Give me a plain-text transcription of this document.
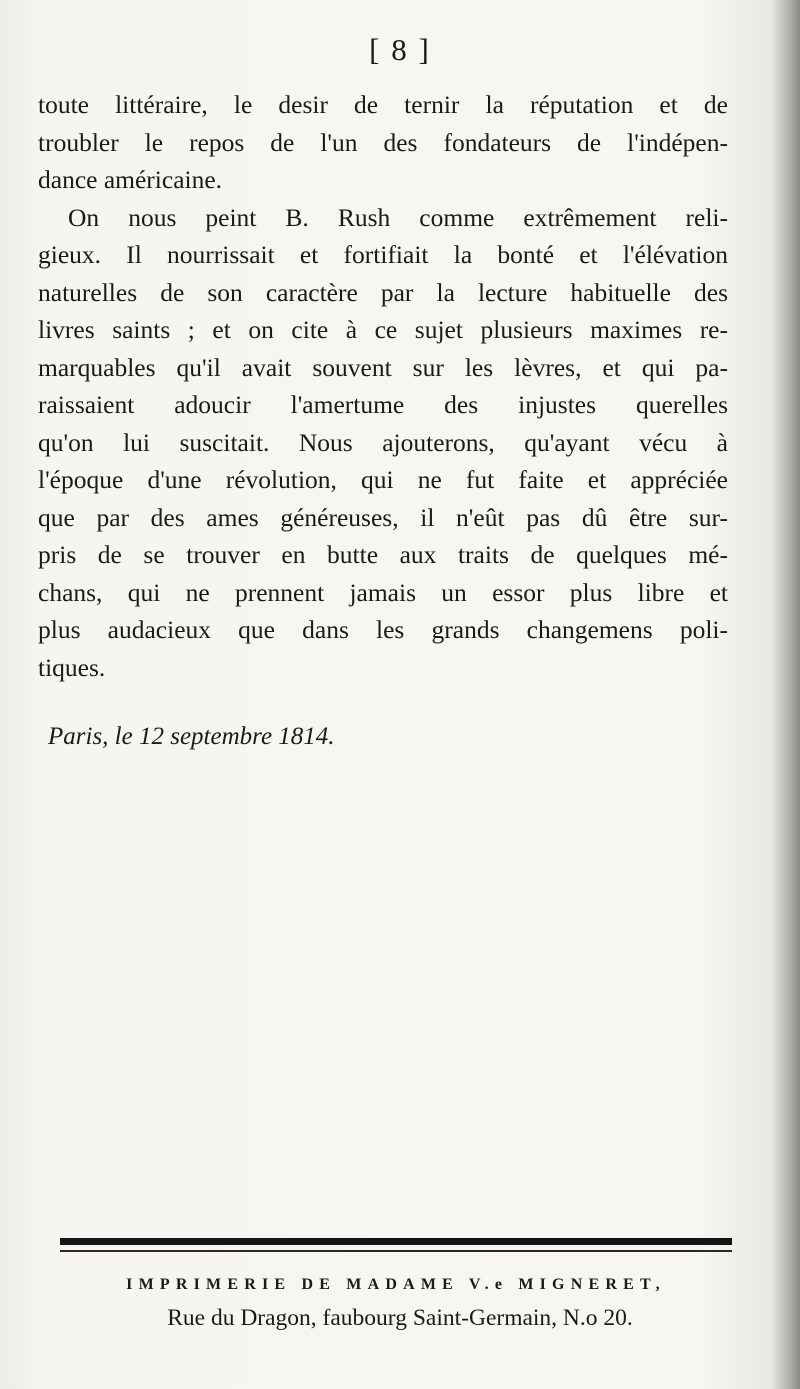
[ 8 ]
toute littéraire, le desir de ternir la réputation et de
troubler le repos de l'un des fondateurs de l'indépen-
dance américaine.
On nous peint B. Rush comme extrêmement reli-
gieux. Il nourrissait et fortifiait la bonté et l'élévation
naturelles de son caractère par la lecture habituelle des
livres saints ; et on cite à ce sujet plusieurs maximes re-
marquables qu'il avait souvent sur les lèvres, et qui pa-
raissaient adoucir l'amertume des injustes querelles
qu'on lui suscitait. Nous ajouterons, qu'ayant vécu à
l'époque d'une révolution, qui ne fut faite et appréciée
que par des ames généreuses, il n'eût pas dû être sur-
pris de se trouver en butte aux traits de quelques mé-
chans, qui ne prennent jamais un essor plus libre et
plus audacieux que dans les grands changemens poli-
tiques.
Paris, le 12 septembre 1814.
IMPRIMERIE DE MADAME V.e MIGNERET,
Rue du Dragon, faubourg Saint-Germain, N.o 20.
